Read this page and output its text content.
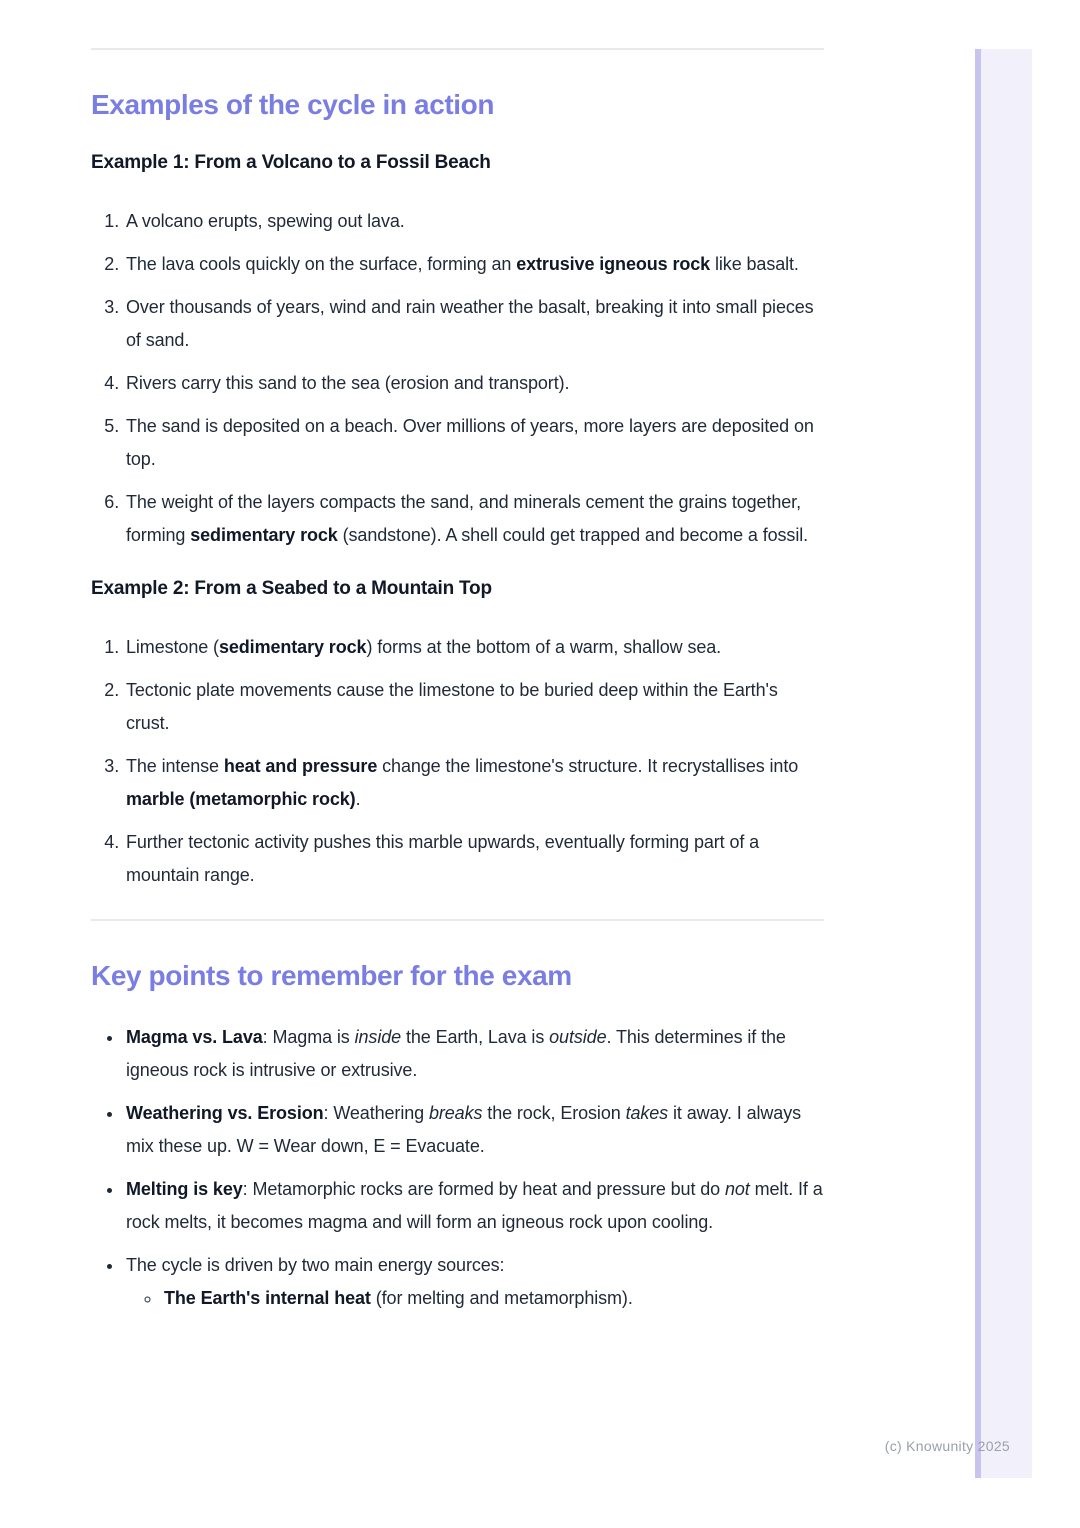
Examples of the cycle in action
Example 1: From a Volcano to a Fossil Beach
1. A volcano erupts, spewing out lava.
2. The lava cools quickly on the surface, forming an extrusive igneous rock like basalt.
3. Over thousands of years, wind and rain weather the basalt, breaking it into small pieces of sand.
4. Rivers carry this sand to the sea (erosion and transport).
5. The sand is deposited on a beach. Over millions of years, more layers are deposited on top.
6. The weight of the layers compacts the sand, and minerals cement the grains together, forming sedimentary rock (sandstone). A shell could get trapped and become a fossil.
Example 2: From a Seabed to a Mountain Top
1. Limestone (sedimentary rock) forms at the bottom of a warm, shallow sea.
2. Tectonic plate movements cause the limestone to be buried deep within the Earth's crust.
3. The intense heat and pressure change the limestone's structure. It recrystallises into marble (metamorphic rock).
4. Further tectonic activity pushes this marble upwards, eventually forming part of a mountain range.
Key points to remember for the exam
• Magma vs. Lava: Magma is inside the Earth, Lava is outside. This determines if the igneous rock is intrusive or extrusive.
• Weathering vs. Erosion: Weathering breaks the rock, Erosion takes it away. I always mix these up. W = Wear down, E = Evacuate.
• Melting is key: Metamorphic rocks are formed by heat and pressure but do not melt. If a rock melts, it becomes magma and will form an igneous rock upon cooling.
• The cycle is driven by two main energy sources:
◦ The Earth's internal heat (for melting and metamorphism).
(c) Knowunity 2025
